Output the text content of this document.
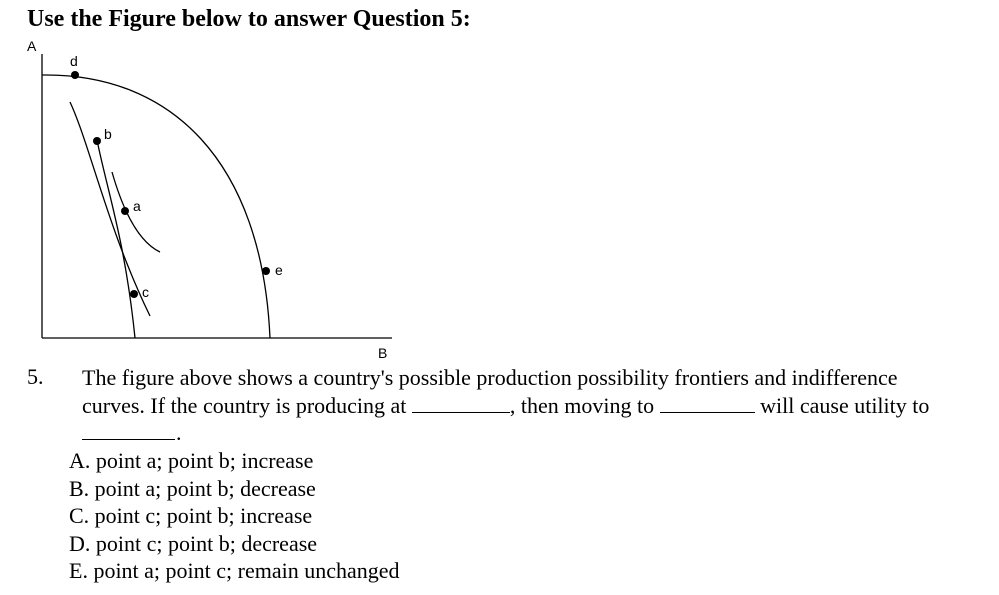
Use the Figure below to answer Question 5:
A
B
d
b
a
c
e
5. The figure above shows a country's possible production possibility frontiers and indifference
curves. If the country is producing at	, then moving to	will cause utility to
.
A. point a; point b; increase
B. point a; point b; decrease
C. point c; point b; increase
D. point c; point b; decrease
E. point a; point c; remain unchanged
